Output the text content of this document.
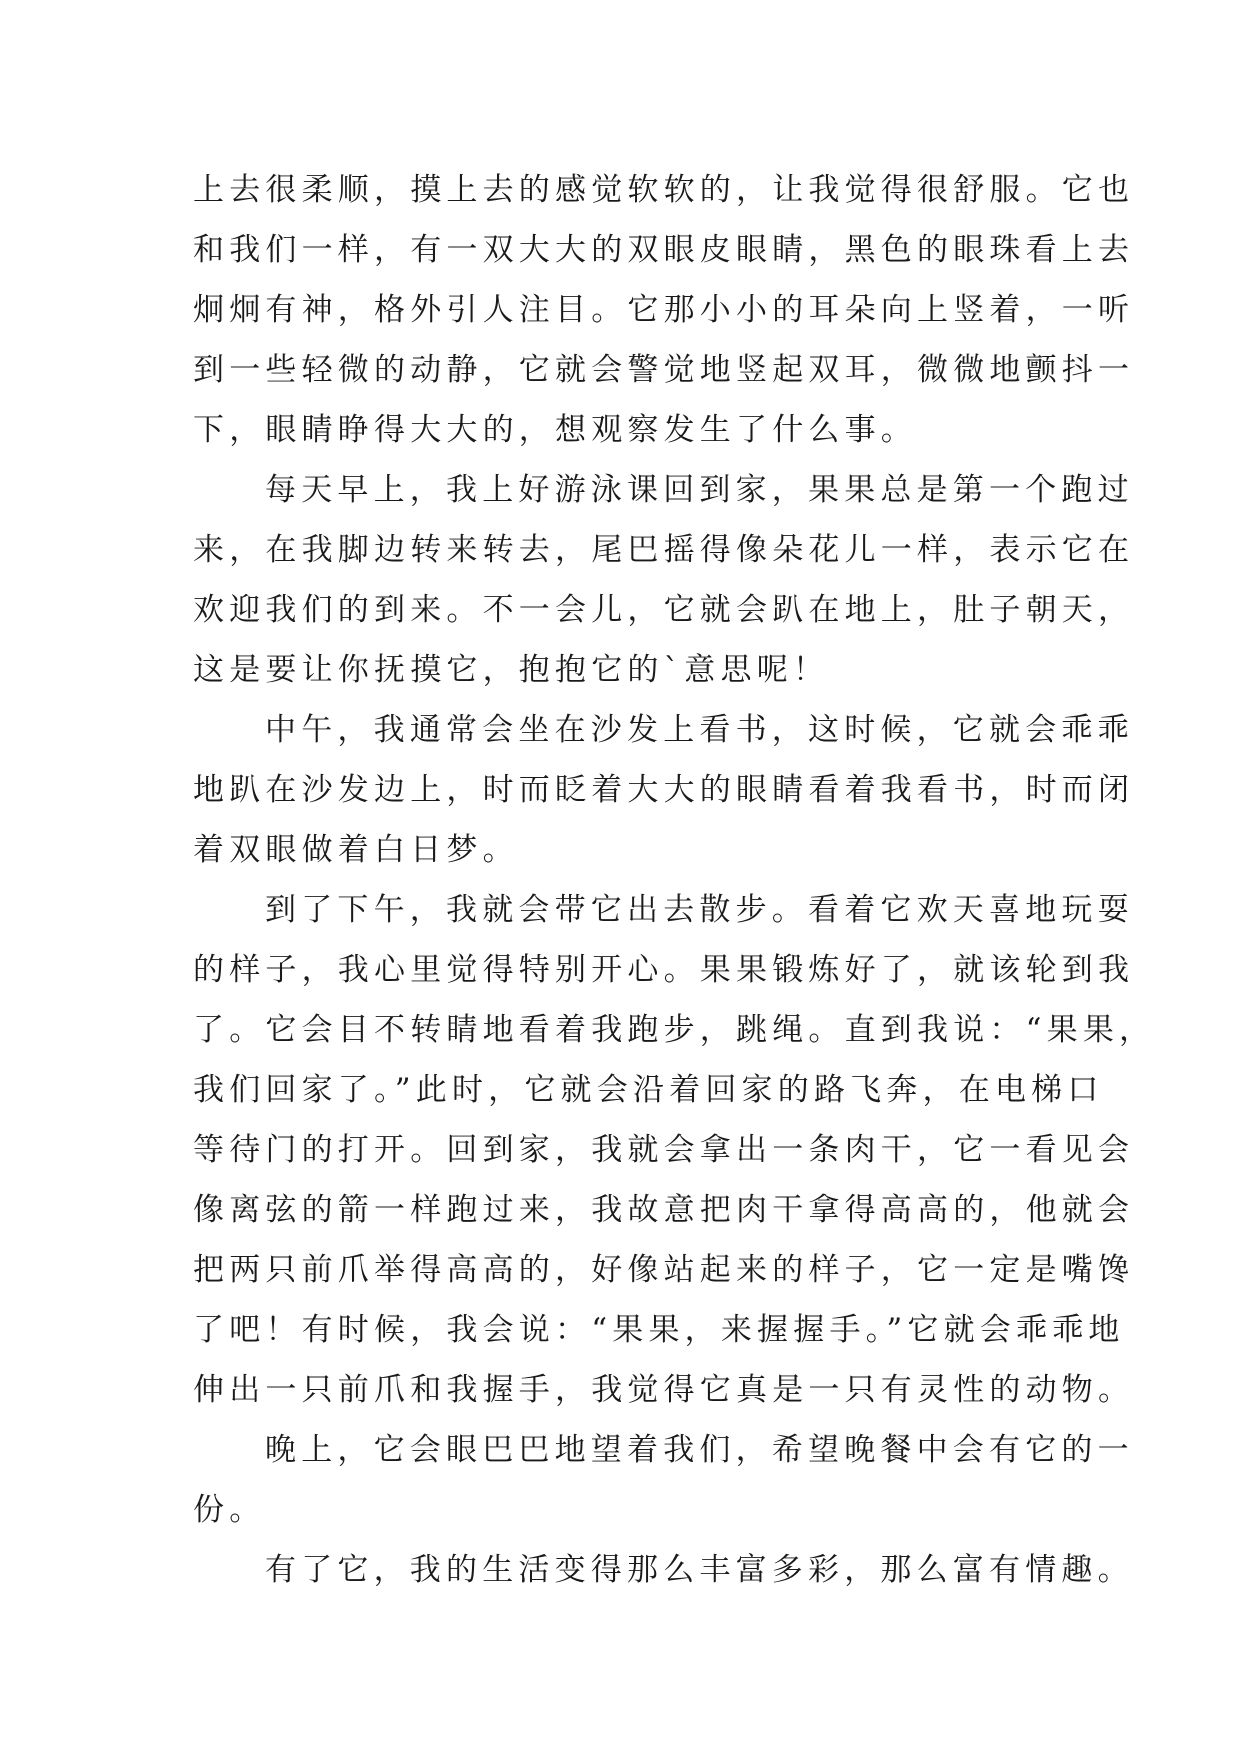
上去很柔顺，摸上去的感觉软软的，让我觉得很舒服。它也
和我们一样，有一双大大的双眼皮眼睛，黑色的眼珠看上去
炯炯有神，格外引人注目。它那小小的耳朵向上竖着，一听
到一些轻微的动静，它就会警觉地竖起双耳，微微地颤抖一
下，眼睛睁得大大的，想观察发生了什么事。
每天早上，我上好游泳课回到家，果果总是第一个跑过
来，在我脚边转来转去，尾巴摇得像朵花儿一样，表示它在
欢迎我们的到来。不一会儿，它就会趴在地上，肚子朝天，
这是要让你抚摸它，抱抱它的`意思呢！
中午，我通常会坐在沙发上看书，这时候，它就会乖乖
地趴在沙发边上，时而眨着大大的眼睛看着我看书，时而闭
着双眼做着白日梦。
到了下午，我就会带它出去散步。看着它欢天喜地玩耍
的样子，我心里觉得特别开心。果果锻炼好了，就该轮到我
了。它会目不转睛地看着我跑步，跳绳。直到我说：“果果，
我们回家了。”此时，它就会沿着回家的路飞奔，在电梯口
等待门的打开。回到家，我就会拿出一条肉干，它一看见会
像离弦的箭一样跑过来，我故意把肉干拿得高高的，他就会
把两只前爪举得高高的，好像站起来的样子，它一定是嘴馋
了吧！有时候，我会说：“果果，来握握手。”它就会乖乖地
伸出一只前爪和我握手，我觉得它真是一只有灵性的动物。
晚上，它会眼巴巴地望着我们，希望晚餐中会有它的一
份。
有了它，我的生活变得那么丰富多彩，那么富有情趣。
